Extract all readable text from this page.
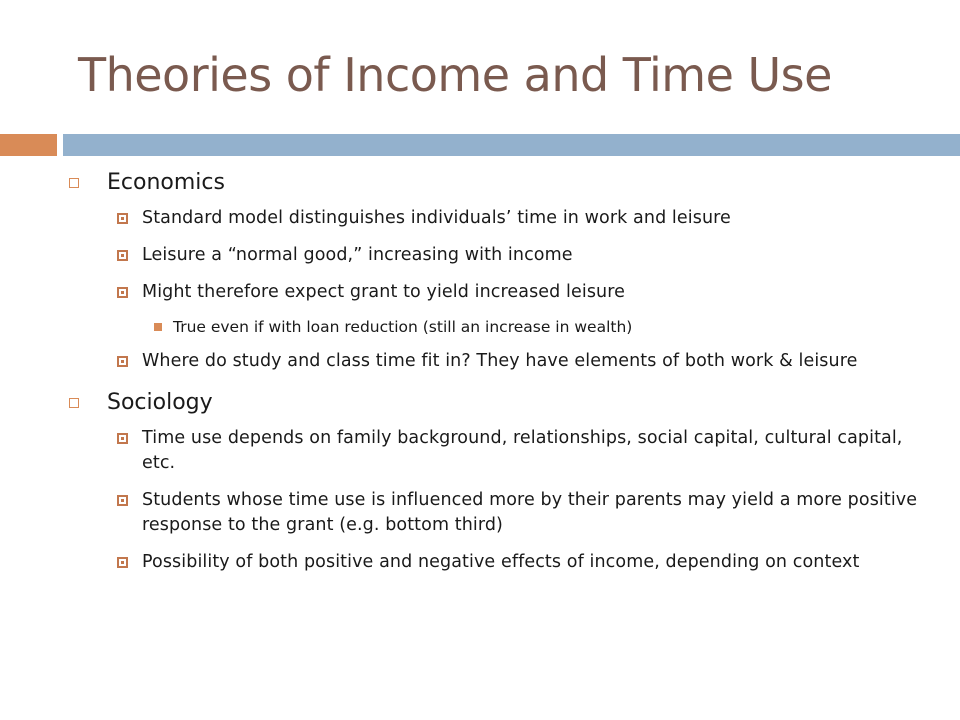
Theories of Income and Time Use
Economics
Standard model distinguishes individuals’ time in work and leisure
Leisure a “normal good,” increasing with income
Might therefore expect grant to yield increased leisure
True even if with loan reduction (still an increase in wealth)
Where do study and class time fit in? They have elements of both work & leisure
Sociology
Time use depends on family background, relationships, social capital, cultural capital, etc.
Students whose time use is influenced more by their parents may yield a more positive response to the grant (e.g. bottom third)
Possibility of both positive and negative effects of income, depending on context
